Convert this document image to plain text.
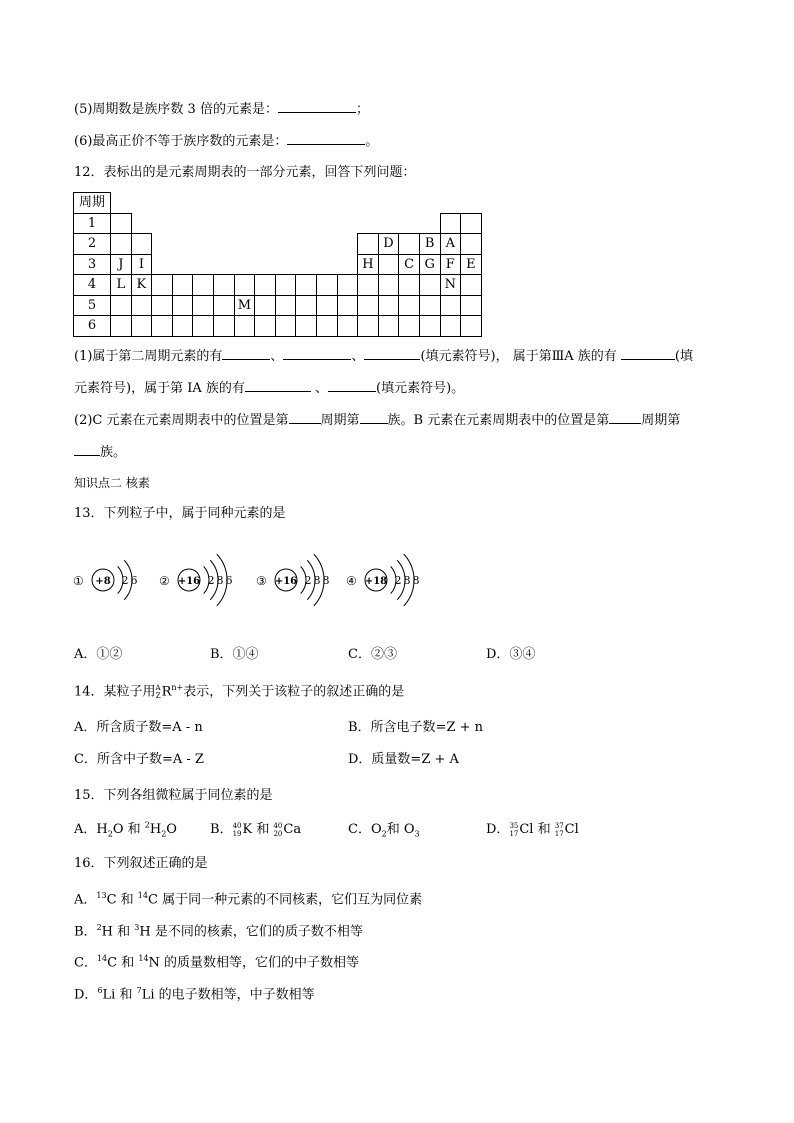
(5)周期数是族序数 3 倍的元素是：	；
(6)最高正价不等于族序数的元素是：	。
12．表标出的是元素周期表的一部分元素，回答下列问题：
周期																		
1																		
2														D		B	A	
3	J	I											H		C	G	F	E
4	L	K															N	
5							M											
6																		
(1)属于第二周期元素的有	、	、	(填元素符号)， 属于第ⅢA 族的有	(填
元素符号)，属于第 IA 族的有	、	(填元素符号)。
(2)C 元素在元素周期表中的位置是第 周期第 族。B 元素在元素周期表中的位置是第 周期第
族。
知识点二 核素
13．下列粒子中，属于同种元素的是
① +8 2 6 ② +16 2 8 6 ③ +16 2 8 8 ④ +18 2 8 8
A．①②	B．①④	C．②③	D．③④
14．某粒子用A
$ZR^{n+}$表示，下列关于该粒子的叙述正确的是
A．所含质子数=A - n	B．所含电子数=Z + n
C．所含中子数=A - Z	D．质量数=Z + A
15．下列各组微粒属于同位素的是
A．$H_2O$ 和 $^2H_2O$	B．40
19K 和 40
20Ca	C．$O_2$和 $O_3$	D．35
17Cl 和 37
17Cl
16．下列叙述正确的是
A．$^{13}$C 和 $^{14}$C 属于同一种元素的不同核素，它们互为同位素
B．$^2$H 和 $^3$H 是不同的核素，它们的质子数不相等
C．$^{14}$C 和 $^{14}$N 的质量数相等，它们的中子数相等
D．$^6$Li 和 $^7$Li 的电子数相等，中子数相等
